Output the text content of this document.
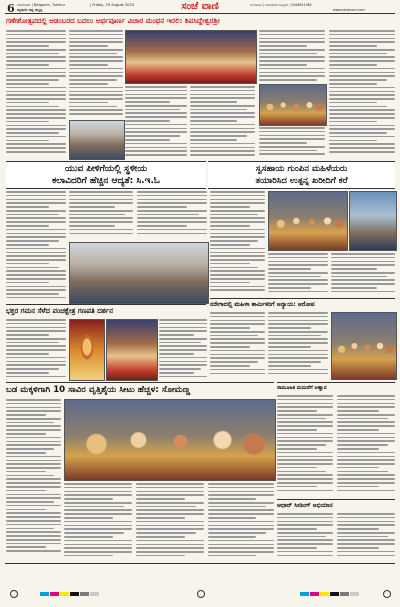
6 ಬೆಂಗಳೂರು | Belgavm, Tumkur	| Friday, 29 August 2025
ಕನ್ನಡಿಗರ ಆಪ್ತ ಆವೃತ್ತಿ	ಸಂಜೆ ವಾಣಿ	ಬೆಂಗಳೂರು | ಸಮಾಚಾರದ ಸುದ್ದಿಗಳು | 9448911962
www.sanjevani.com
ಗಣೇಶೋತ್ಸವದಲ್ಲಿ ಆಡಂಬರದ ಬದಲು ಅರ್ಥಪೂರ್ಣ ವಿಚಾರ ಮಂಥನ ಇರಲಿ: ಶಿವಸಿದ್ದೇಶ್ವರಶ್ರೀ
ಯುವ ಪೀಳಿಗೆಯಲ್ಲಿ ಸ್ಥಳೀಯ
ಕಲಾವಿದರಿಗೆ ಹೆಚ್ಚಿನ ಆದ್ಯತೆ: ಸಿ.ಇ.ಓ
ಸ್ವಸಹಾಯ ಗುಂಪಿನ ಮಹಿಳೆಯರು
ತಯಾರಿಸಿದ ಉತ್ಪನ್ನ ಖರೀದಿಗೆ ಕರೆ
ಭಕ್ತರ ಗಮನ ಸೆಳೆದ ಪಂಚಕ್ಷೇತ್ರ ಗಣಪತಿ ದರ್ಶನ
ನರೇಗಾದಲ್ಲಿ ಮಹಿಳಾ ಕಾರ್ಮಿಕರಿಗೆ ಅನ್ಯಾಯ: ಆರೋಪ
ಬಡ ಮಕ್ಕಳಿಗಾಗಿ 10 ಸಾವಿರ ವೃತ್ತಿಶೈಯ ಸೀಟು ಹೆಚ್ಚಳ: ಸೋಮಣ್ಣ	ಸಾಮೂಹಿಕ ಮದುವೆಗೆ ಆಹ್ವಾನ
ಆಧಾರ್ ಸೀಡಿಂಗ್ ಅಭಿಯಾನ
